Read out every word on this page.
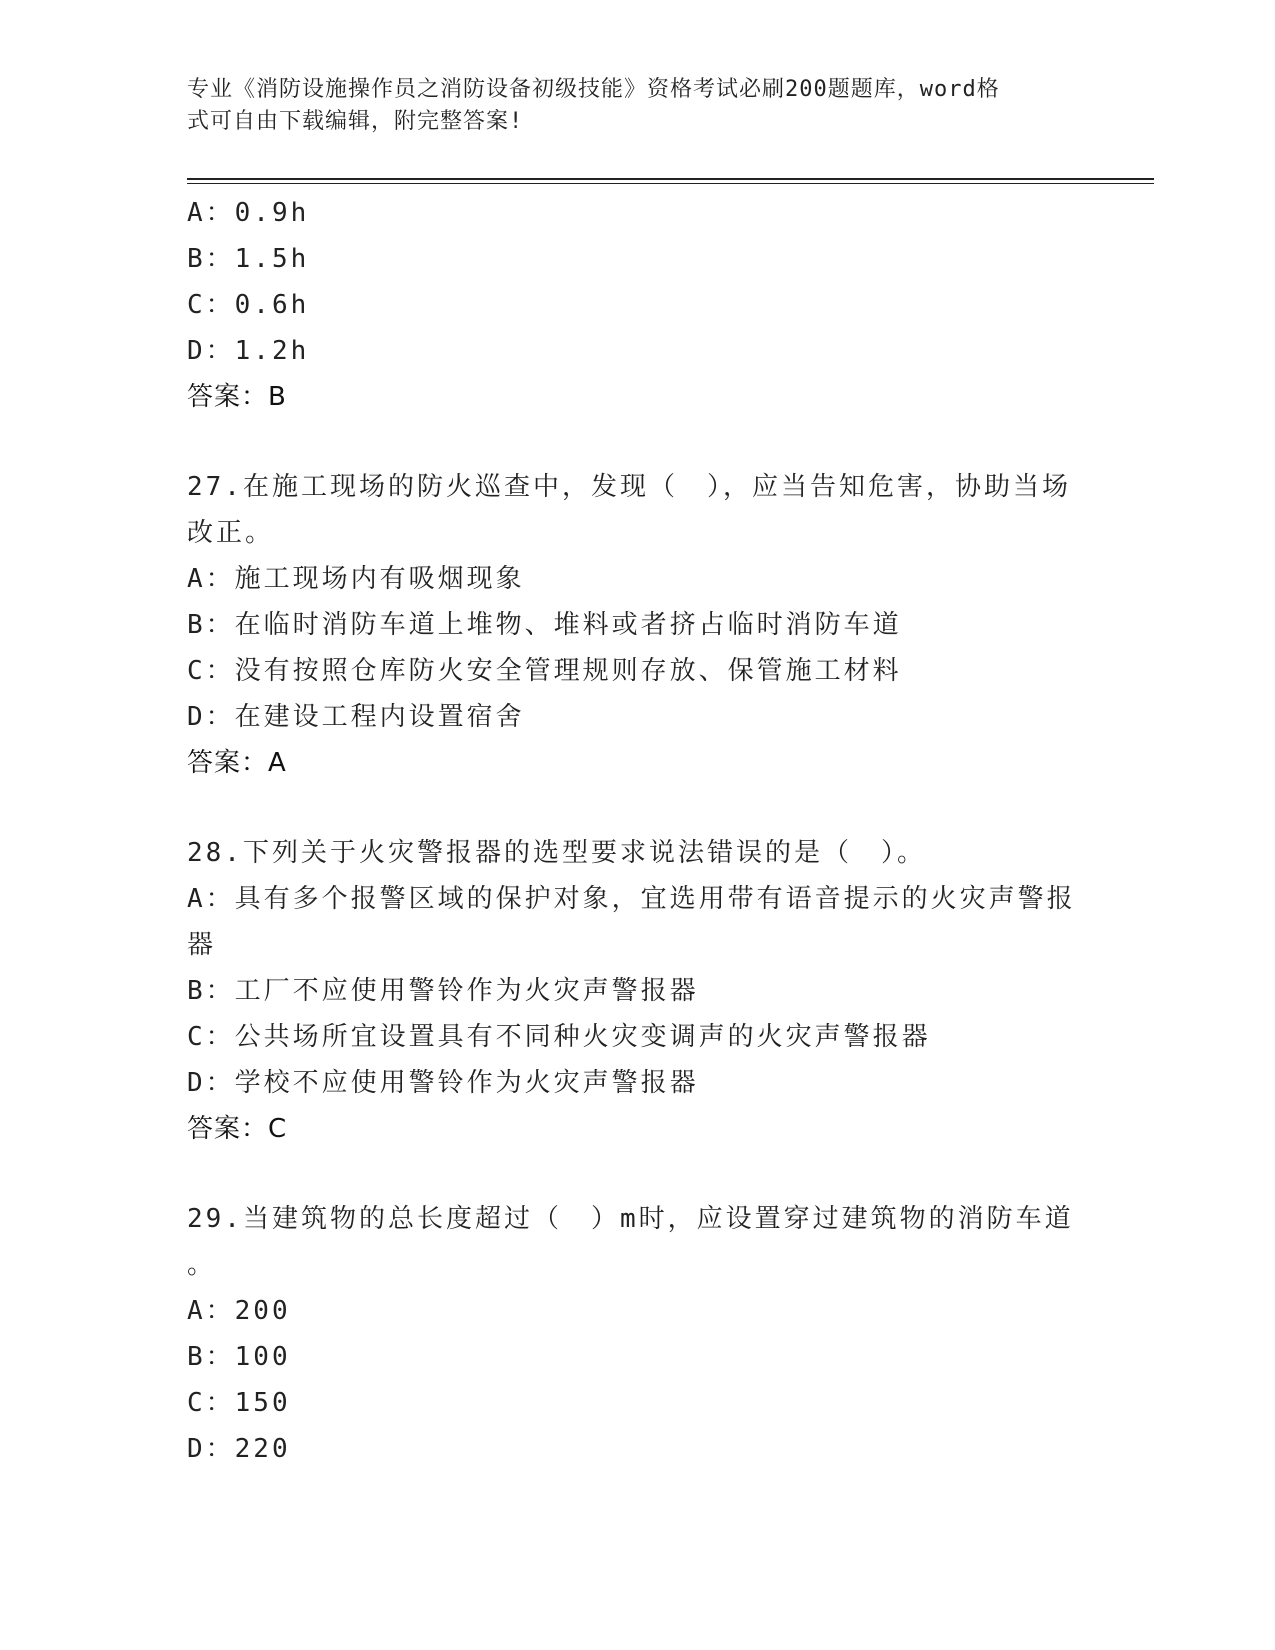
专业《消防设施操作员之消防设备初级技能》资格考试必刷200题题库，word格
式可自由下载编辑，附完整答案!
A：0.9h
B：1.5h
C：0.6h
D：1.2h
答案：B
27.在施工现场的防火巡查中，发现（　），应当告知危害，协助当场
改正。
A：施工现场内有吸烟现象
B：在临时消防车道上堆物、堆料或者挤占临时消防车道
C：没有按照仓库防火安全管理规则存放、保管施工材料
D：在建设工程内设置宿舍
答案：A
28.下列关于火灾警报器的选型要求说法错误的是（　）。
A：具有多个报警区域的保护对象，宜选用带有语音提示的火灾声警报
器
B：工厂不应使用警铃作为火灾声警报器
C：公共场所宜设置具有不同种火灾变调声的火灾声警报器
D：学校不应使用警铃作为火灾声警报器
答案：C
29.当建筑物的总长度超过（　）m时，应设置穿过建筑物的消防车道
。
A：200
B：100
C：150
D：220
